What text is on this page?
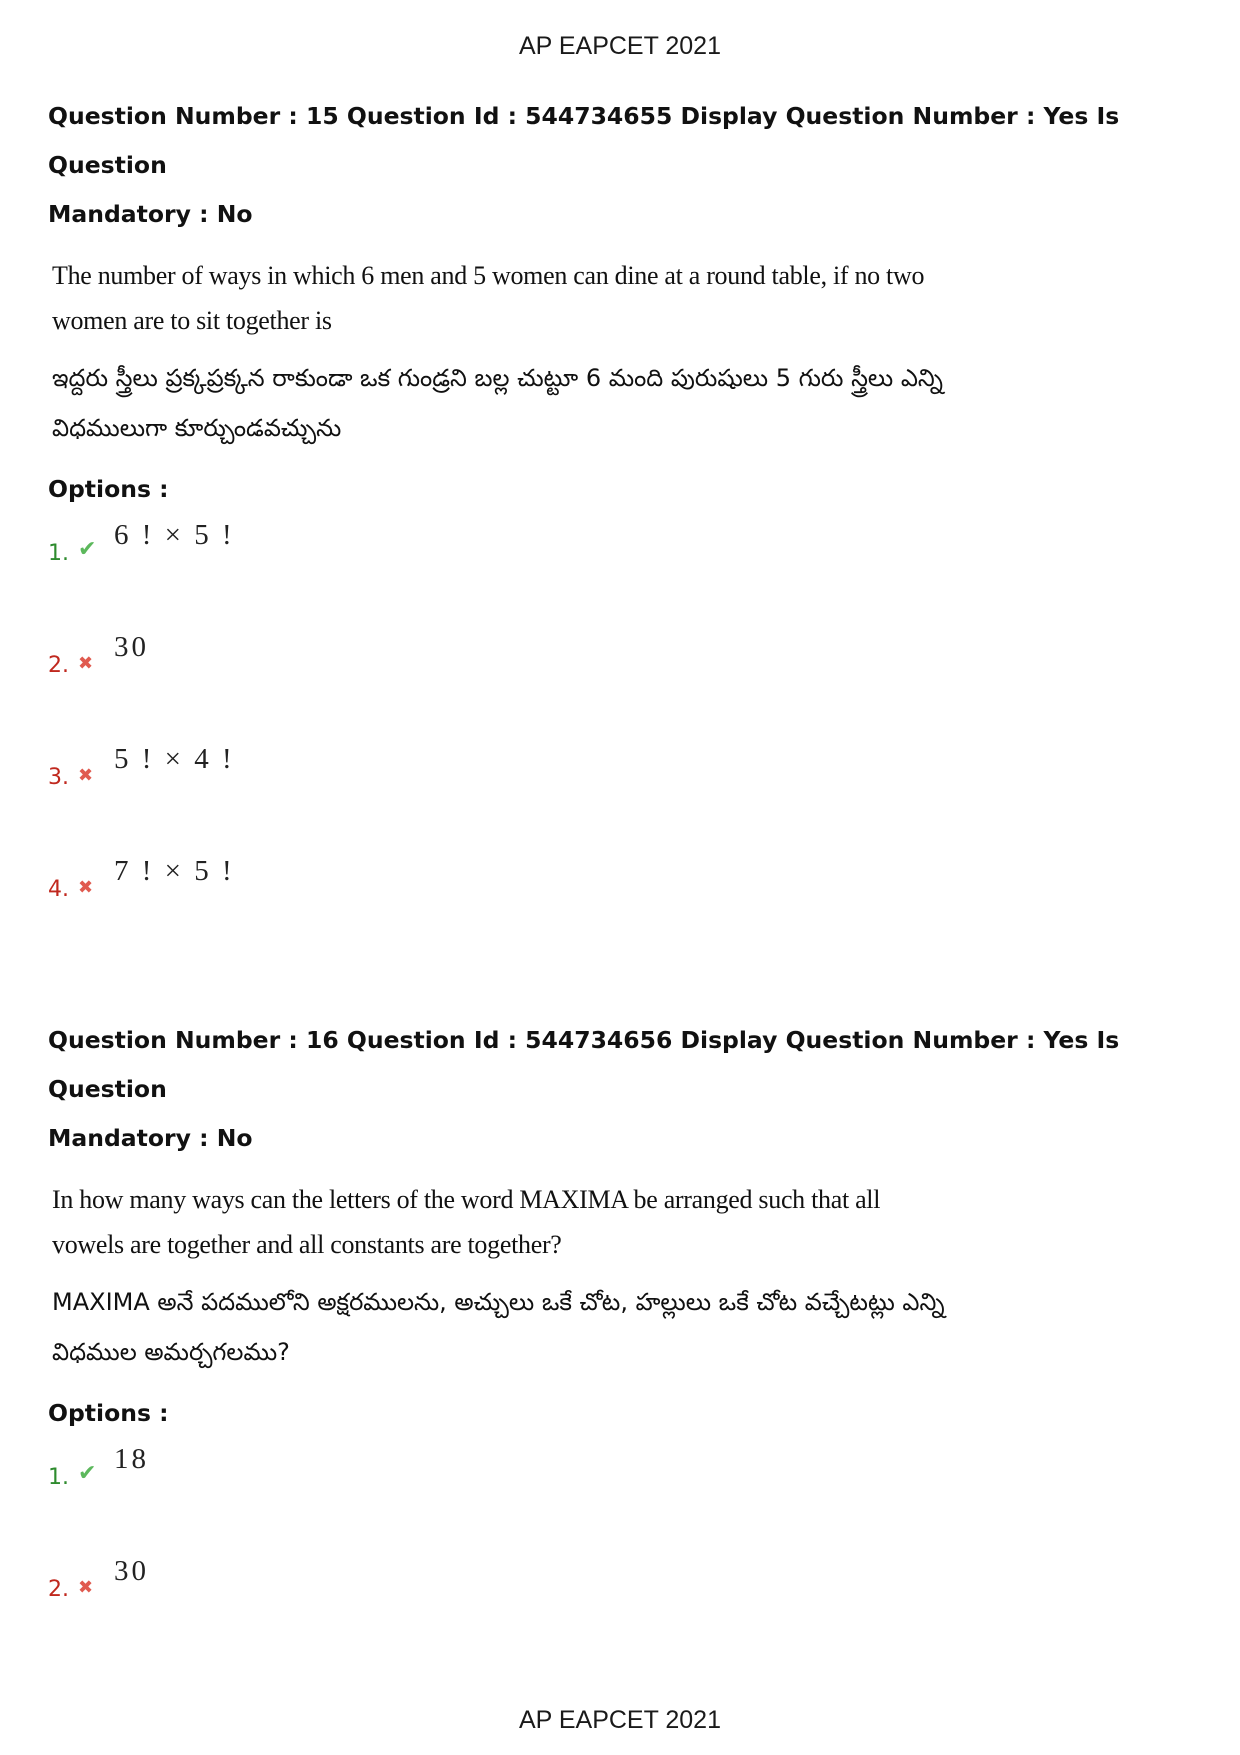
AP EAPCET 2021

Question Number : 15 Question Id : 544734655 Display Question Number : Yes Is Question
Mandatory : No

The number of ways in which 6 men and 5 women can dine at a round table, if no two women are to sit together is
ఇద్దరు స్త్రీలు ప్రక్కప్రక్కన రాకుండా ఒక గుండ్రని బల్ల చుట్టూ 6 మంది పురుషులు 5 గురు స్త్రీలు ఎన్ని విధములుగా కూర్చుండవచ్చును
Options :
1. ✔ 6 ! × 5 !
2. ✖
30
3. ✖
5 ! × 4 !
4. ✖
7 ! × 5 !

Question Number : 16 Question Id : 544734656 Display Question Number : Yes Is Question
Mandatory : No

In how many ways can the letters of the word MAXIMA be arranged such that all vowels are together and all constants are together?
MAXIMA అనే పదములోని అక్షరములను, అచ్చులు ఒకే చోట, హల్లులు ఒకే చోట వచ్చేటట్లు ఎన్ని విధముల అమర్చగలము?
Options :
1. ✔ 18
2. ✖
30
AP EAPCET 2021
